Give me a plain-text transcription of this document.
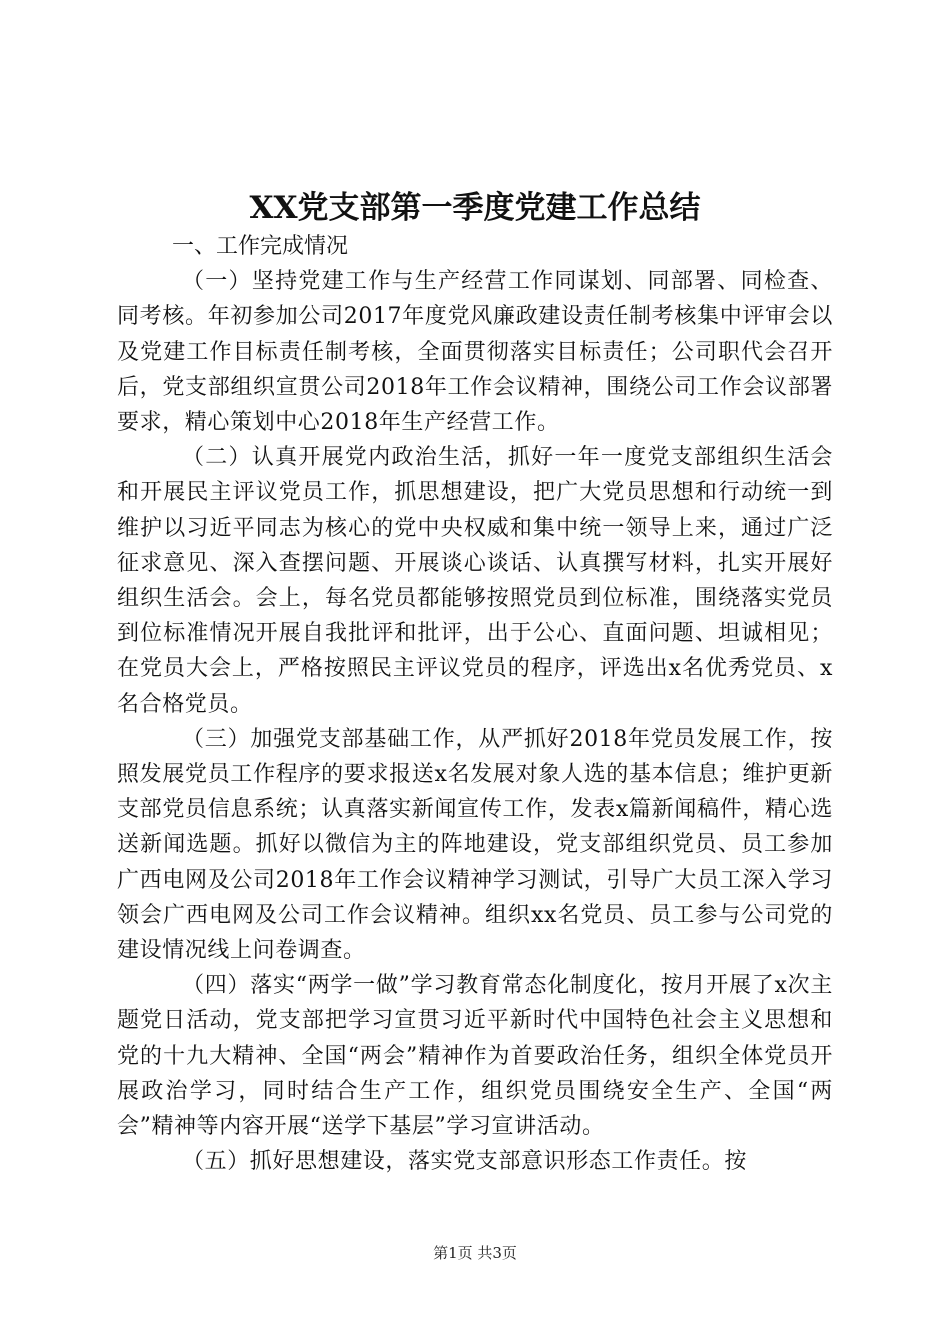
XX党支部第一季度党建工作总结

一、工作完成情况

（一）坚持党建工作与生产经营工作同谋划、同部署、同检查、同考核。年初参加公司2017年度党风廉政建设责任制考核集中评审会以及党建工作目标责任制考核，全面贯彻落实目标责任；公司职代会召开后，党支部组织宣贯公司2018年工作会议精神，围绕公司工作会议部署要求，精心策划中心2018年生产经营工作。

（二）认真开展党内政治生活，抓好一年一度党支部组织生活会和开展民主评议党员工作，抓思想建设，把广大党员思想和行动统一到维护以习近平同志为核心的党中央权威和集中统一领导上来，通过广泛征求意见、深入查摆问题、开展谈心谈话、认真撰写材料，扎实开展好组织生活会。会上，每名党员都能够按照党员到位标准，围绕落实党员到位标准情况开展自我批评和批评，出于公心、直面问题、坦诚相见；在党员大会上，严格按照民主评议党员的程序，评选出x名优秀党员、x名合格党员。

（三）加强党支部基础工作，从严抓好2018年党员发展工作，按照发展党员工作程序的要求报送x名发展对象人选的基本信息；维护更新支部党员信息系统；认真落实新闻宣传工作，发表x篇新闻稿件，精心选送新闻选题。抓好以微信为主的阵地建设，党支部组织党员、员工参加广西电网及公司2018年工作会议精神学习测试，引导广大员工深入学习领会广西电网及公司工作会议精神。组织xx名党员、员工参与公司党的建设情况线上问卷调查。

（四）落实“两学一做”学习教育常态化制度化，按月开展了x次主题党日活动，党支部把学习宣贯习近平新时代中国特色社会主义思想和党的十九大精神、全国“两会”精神作为首要政治任务，组织全体党员开展政治学习，同时结合生产工作，组织党员围绕安全生产、全国“两会”精神等内容开展“送学下基层”学习宣讲活动。

（五）抓好思想建设，落实党支部意识形态工作责任。按

第1页 共3页
